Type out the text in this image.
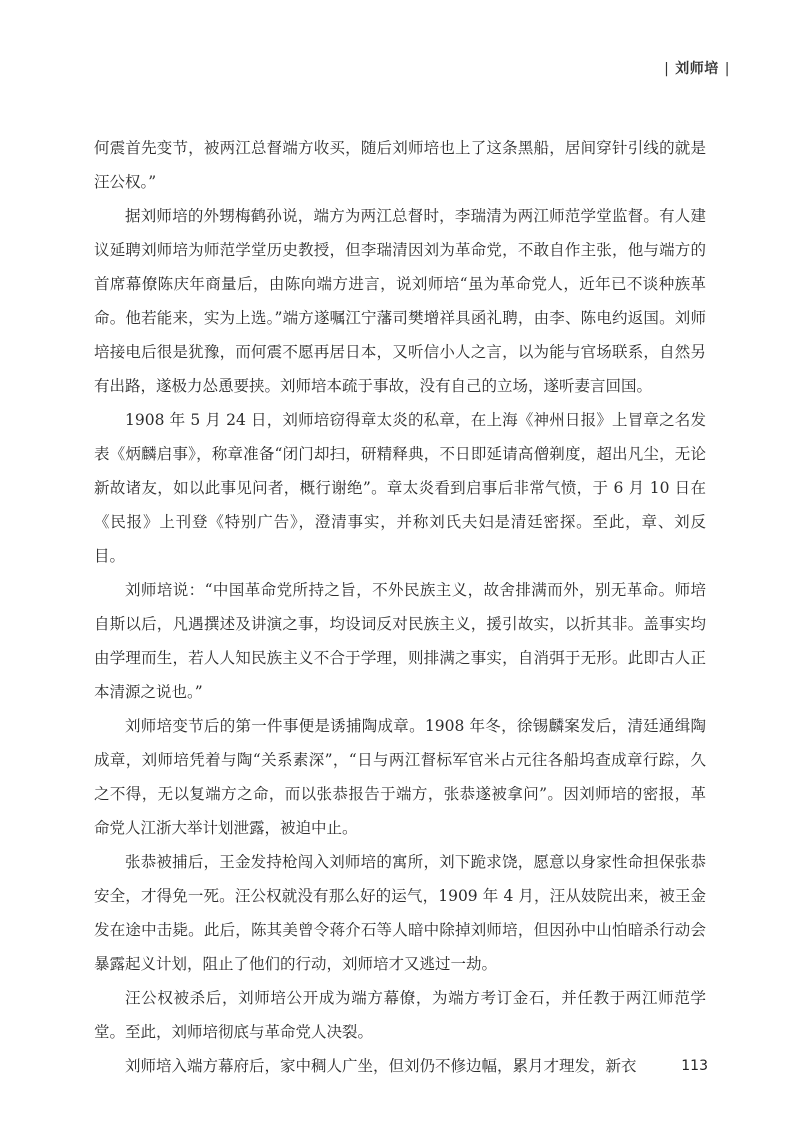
| 刘师培 |

何震首先变节，被两江总督端方收买，随后刘师培也上了这条黑船，居间穿针引线的就是汪公权。”

据刘师培的外甥梅鹤孙说，端方为两江总督时，李瑞清为两江师范学堂监督。有人建议延聘刘师培为师范学堂历史教授，但李瑞清因刘为革命党，不敢自作主张，他与端方的首席幕僚陈庆年商量后，由陈向端方进言，说刘师培“虽为革命党人，近年已不谈种族革命。他若能来，实为上选。”端方遂嘱江宁藩司樊增祥具函礼聘，由李、陈电约返国。刘师培接电后很是犹豫，而何震不愿再居日本，又听信小人之言，以为能与官场联系，自然另有出路，遂极力怂恿要挟。刘师培本疏于事故，没有自己的立场，遂听妻言回国。

1908 年 5 月 24 日，刘师培窃得章太炎的私章，在上海《神州日报》上冒章之名发表《炳麟启事》，称章准备“闭门却扫，研精释典，不日即延请高僧剃度，超出凡尘，无论新故诸友，如以此事见问者，概行谢绝”。章太炎看到启事后非常气愤，于 6 月 10 日在《民报》上刊登《特别广告》，澄清事实，并称刘氏夫妇是清廷密探。至此，章、刘反目。

刘师培说：“中国革命党所持之旨，不外民族主义，故舍排满而外，别无革命。师培自斯以后，凡遇撰述及讲演之事，均设词反对民族主义，援引故实，以折其非。盖事实均由学理而生，若人人知民族主义不合于学理，则排满之事实，自消弭于无形。此即古人正本清源之说也。”

刘师培变节后的第一件事便是诱捕陶成章。1908 年冬，徐锡麟案发后，清廷通缉陶成章，刘师培凭着与陶“关系素深”，“日与两江督标军官米占元往各船坞查成章行踪，久之不得，无以复端方之命，而以张恭报告于端方，张恭遂被拿问”。因刘师培的密报，革命党人江浙大举计划泄露，被迫中止。

张恭被捕后，王金发持枪闯入刘师培的寓所，刘下跪求饶，愿意以身家性命担保张恭安全，才得免一死。汪公权就没有那么好的运气，1909 年 4 月，汪从妓院出来，被王金发在途中击毙。此后，陈其美曾令蒋介石等人暗中除掉刘师培，但因孙中山怕暗杀行动会暴露起义计划，阻止了他们的行动，刘师培才又逃过一劫。

汪公权被杀后，刘师培公开成为端方幕僚，为端方考订金石，并任教于两江师范学堂。至此，刘师培彻底与革命党人决裂。

刘师培入端方幕府后，家中稠人广坐，但刘仍不修边幅，累月才理发，新衣	113
